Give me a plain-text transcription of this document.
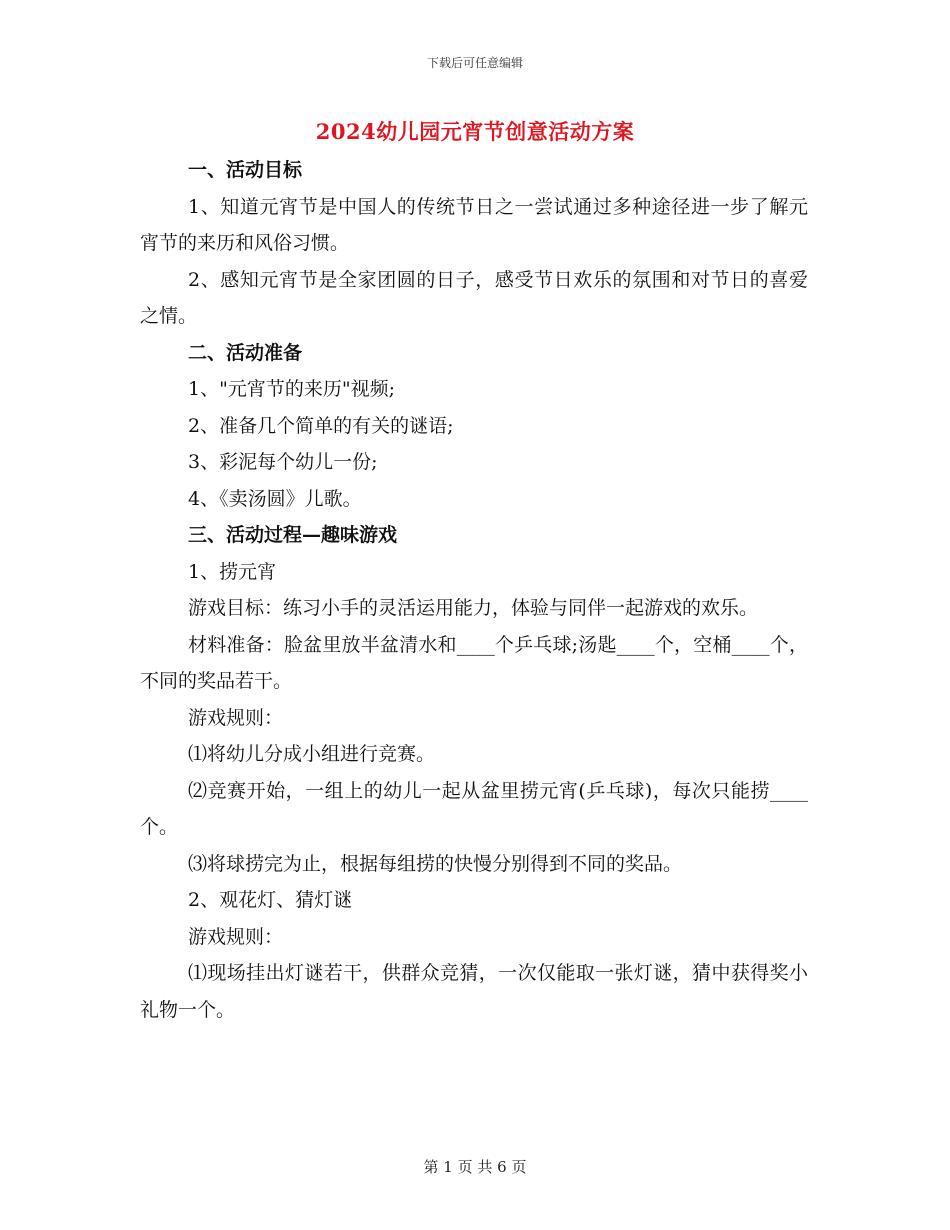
下载后可任意编辑
2024幼儿园元宵节创意活动方案

一、活动目标

1、知道元宵节是中国人的传统节日之一尝试通过多种途径进一步了解元宵节的来历和风俗习惯。

2、感知元宵节是全家团圆的日子，感受节日欢乐的氛围和对节日的喜爱之情。

二、活动准备

1、"元宵节的来历"视频;

2、准备几个简单的有关的谜语;

3、彩泥每个幼儿一份;

4、《卖汤圆》儿歌。

三、活动过程—趣味游戏

1、捞元宵

游戏目标：练习小手的灵活运用能力，体验与同伴一起游戏的欢乐。

材料准备：脸盆里放半盆清水和____个乒乓球;汤匙____个，空桶____个，不同的奖品若干。

游戏规则：

⑴将幼儿分成小组进行竞赛。

⑵竞赛开始，一组上的幼儿一起从盆里捞元宵(乒乓球)，每次只能捞____个。

⑶将球捞完为止，根据每组捞的快慢分别得到不同的奖品。

2、观花灯、猜灯谜

游戏规则：

⑴现场挂出灯谜若干，供群众竞猜，一次仅能取一张灯谜，猜中获得奖小礼物一个。

第 1 页 共 6 页
